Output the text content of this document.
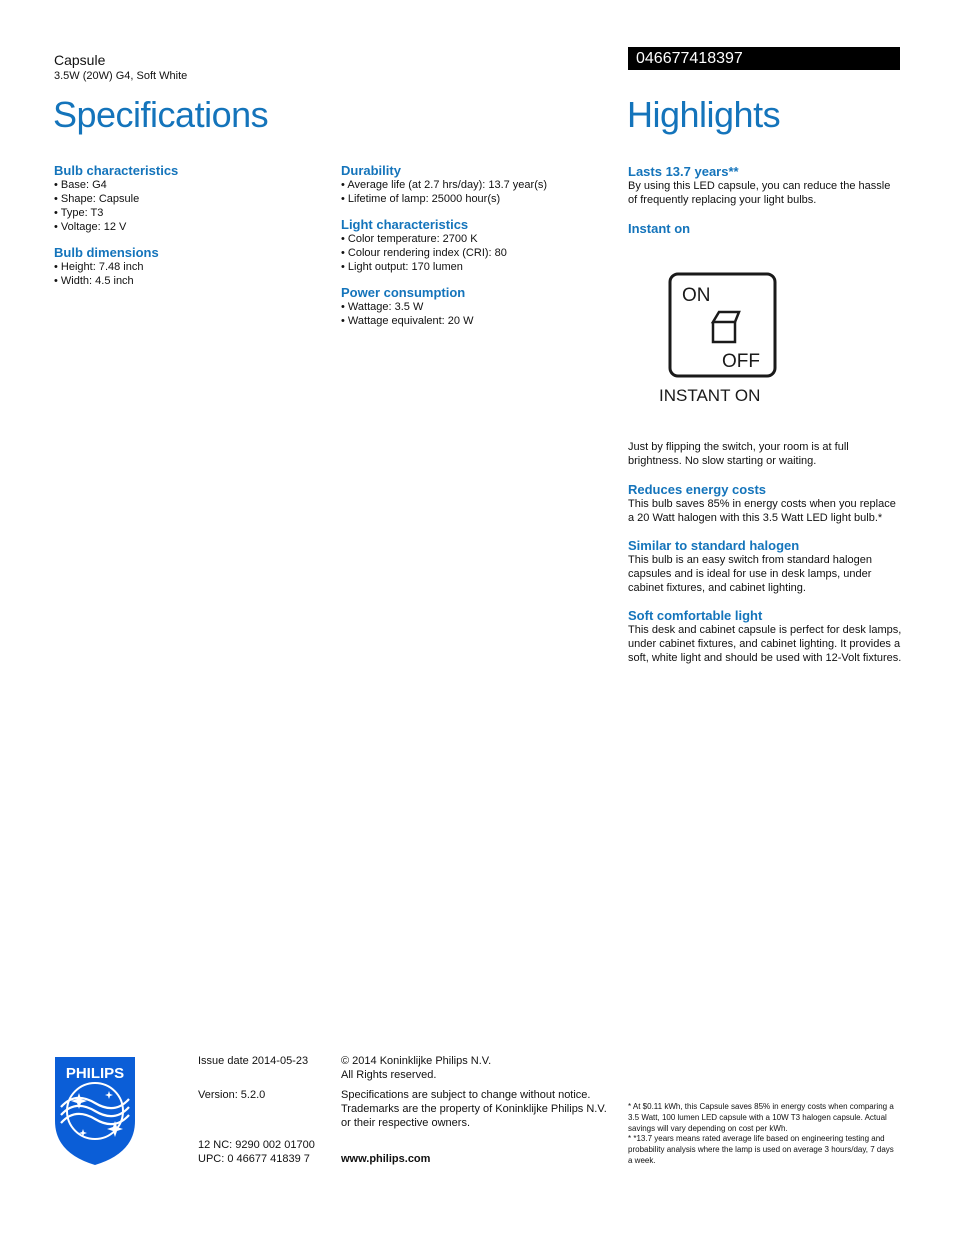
Capsule
3.5W (20W) G4, Soft White
046677418397
Specifications	Highlights
Bulb characteristics
• Base: G4
• Shape: Capsule
• Type: T3
• Voltage: 12 V
Bulb dimensions
• Height: 7.48 inch
• Width: 4.5 inch
Durability
• Average life (at 2.7 hrs/day): 13.7 year(s)
• Lifetime of lamp: 25000 hour(s)
Light characteristics
• Color temperature: 2700 K
• Colour rendering index (CRI): 80
• Light output: 170 lumen
Power consumption
• Wattage: 3.5 W
• Wattage equivalent: 20 W
Lasts 13.7 years**

By using this LED capsule, you can reduce the hassle of frequently replacing your light bulbs.

Instant on
ON
OFF
INSTANT ON

Just by flipping the switch, your room is at full brightness. No slow starting or waiting.

Reduces energy costs

This bulb saves 85% in energy costs when you replace a 20 Watt halogen with this 3.5 Watt LED light bulb.*

Similar to standard halogen

This bulb is an easy switch from standard halogen capsules and is ideal for use in desk lamps, under cabinet fixtures, and cabinet lighting.

Soft comfortable light

This desk and cabinet capsule is perfect for desk lamps, under cabinet fixtures, and cabinet lighting. It provides a soft, white light and should be used with 12-Volt fixtures.

PHILIPS
Issue date 2014-05-23
Version: 5.2.0
12 NC: 9290 002 01700
UPC: 0 46677 41839 7
© 2014 Koninklijke Philips N.V.
All Rights reserved.
Specifications are subject to change without notice. Trademarks are the property of Koninklijke Philips N.V. or their respective owners.
www.philips.com
* At $0.11 kWh, this Capsule saves 85% in energy costs when comparing a 3.5 Watt, 100 lumen LED capsule with a 10W T3 halogen capsule. Actual savings will vary depending on cost per kWh.
* *13.7 years means rated average life based on engineering testing and probability analysis where the lamp is used on average 3 hours/day, 7 days a week.
